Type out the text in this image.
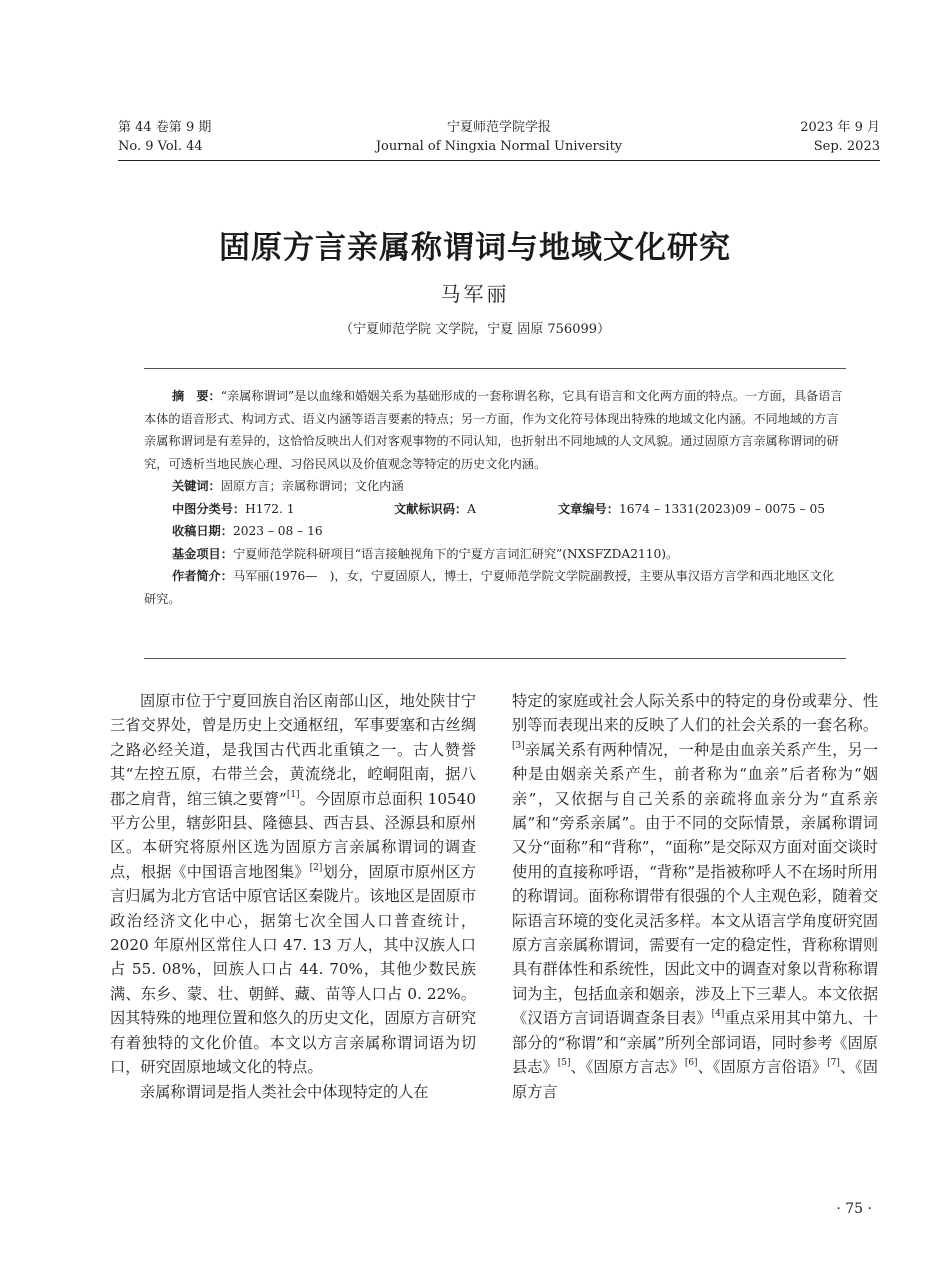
第 44 卷第 9 期
No. 9 Vol. 44
宁夏师范学院学报
Journal of Ningxia Normal University
2023 年 9 月
Sep. 2023
固原方言亲属称谓词与地域文化研究
马军丽
（宁夏师范学院 文学院，宁夏 固原 756099）

摘　要：“亲属称谓词”是以血缘和婚姻关系为基础形成的一套称谓名称，它具有语言和文化两方面的特点。一方面，具备语言本体的语音形式、构词方式、语义内涵等语言要素的特点；另一方面，作为文化符号体现出特殊的地域文化内涵。不同地域的方言亲属称谓词是有差异的，这恰恰反映出人们对客观事物的不同认知，也折射出不同地域的人文风貌。通过固原方言亲属称谓词的研究，可透析当地民族心理、习俗民风以及价值观念等特定的历史文化内涵。

关键词：固原方言；亲属称谓词；文化内涵

中图分类号：H172. 1	文献标识码：A	文章编号：1674 – 1331(2023)09 – 0075 – 05

收稿日期：2023 – 08 – 16

基金项目：宁夏师范学院科研项目“语言接触视角下的宁夏方言词汇研究”(NXSFZDA2110)。

作者简介：马军丽(1976—　)，女，宁夏固原人，博士，宁夏师范学院文学院副教授，主要从事汉语方言学和西北地区文化研究。

固原市位于宁夏回族自治区南部山区，地处陕甘宁三省交界处，曾是历史上交通枢纽，军事要塞和古丝绸之路必经关道，是我国古代西北重镇之一。古人赞誉其“左控五原，右带兰会，黄流绕北，崆峒阻南，据八郡之肩背，绾三镇之要膂”[1]。今固原市总面积 10540 平方公里，辖彭阳县、隆德县、西吉县、泾源县和原州区。本研究将原州区选为固原方言亲属称谓词的调查点，根据《中国语言地图集》[2]划分，固原市原州区方言归属为北方官话中原官话区秦陇片。该地区是固原市政治经济文化中心，据第七次全国人口普查统计，2020 年原州区常住人口 47. 13 万人，其中汉族人口占 55. 08%，回族人口占 44. 70%，其他少数民族满、东乡、蒙、壮、朝鲜、藏、苗等人口占 0. 22%。因其特殊的地理位置和悠久的历史文化，固原方言研究有着独特的文化价值。本文以方言亲属称谓词语为切口，研究固原地域文化的特点。

亲属称谓词是指人类社会中体现特定的人在

特定的家庭或社会人际关系中的特定的身份或辈分、性别等而表现出来的反映了人们的社会关系的一套名称。[3]亲属关系有两种情况，一种是由血亲关系产生，另一种是由姻亲关系产生，前者称为“血亲”后者称为“姻亲”，又依据与自己关系的亲疏将血亲分为“直系亲属”和“旁系亲属”。由于不同的交际情景，亲属称谓词又分“面称”和“背称”，“面称”是交际双方面对面交谈时使用的直接称呼语，“背称”是指被称呼人不在场时所用的称谓词。面称称谓带有很强的个人主观色彩，随着交际语言环境的变化灵活多样。本文从语言学角度研究固原方言亲属称谓词，需要有一定的稳定性，背称称谓则具有群体性和系统性，因此文中的调查对象以背称称谓词为主，包括血亲和姻亲，涉及上下三辈人。本文依据《汉语方言词语调查条目表》[4]重点采用其中第九、十部分的“称谓”和“亲属”所列全部词语，同时参考《固原县志》[5]、《固原方言志》[6]、《固原方言俗语》[7]、《固原方言

· 75 ·
